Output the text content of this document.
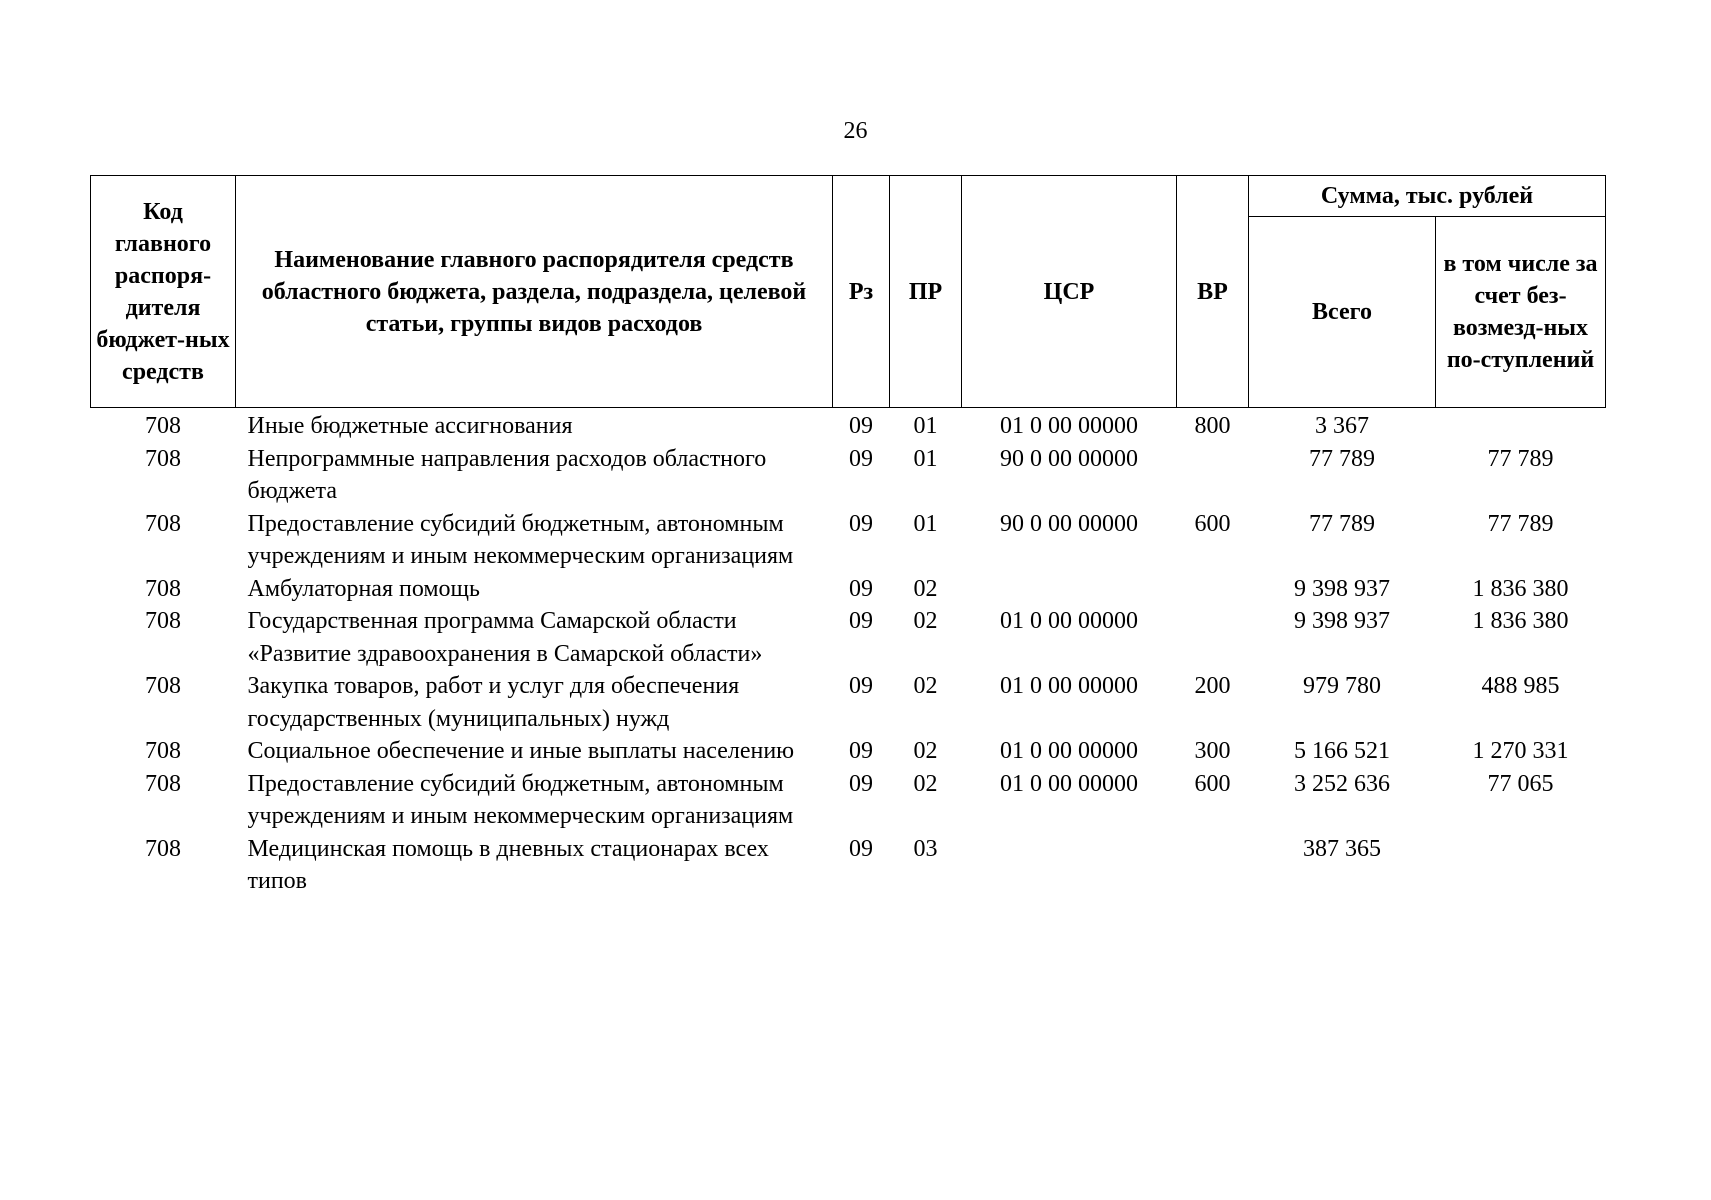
26
Код главного распоря-дителя бюджет-ных средств	Наименование главного распорядителя средств областного бюджета, раздела, подраздела, целевой статьи, группы видов расходов	Рз	ПР	ЦСР	ВР	Сумма, тыс. рублей	
						Всего	в том числе за счет без-возмезд-ных по-ступлений
708	Иные бюджетные ассигнования	09	01	01 0 00 00000	800	3 367	
708	Непрограммные направления расходов областного бюджета	09	01	90 0 00 00000		77 789	77 789
708	Предоставление субсидий бюджетным, автономным учреждениям и иным некоммерческим организациям	09	01	90 0 00 00000	600	77 789	77 789
708	Амбулаторная помощь	09	02			9 398 937	1 836 380
708	Государственная программа Самарской области «Развитие здравоохранения в Самарской области»	09	02	01 0 00 00000		9 398 937	1 836 380
708	Закупка товаров, работ и услуг для обеспечения государственных (муниципальных) нужд	09	02	01 0 00 00000	200	979 780	488 985
708	Социальное обеспечение и иные выплаты населению	09	02	01 0 00 00000	300	5 166 521	1 270 331
708	Предоставление субсидий бюджетным, автономным учреждениям и иным некоммерческим организациям	09	02	01 0 00 00000	600	3 252 636	77 065
708	Медицинская помощь в дневных стационарах всех типов	09	03			387 365	
